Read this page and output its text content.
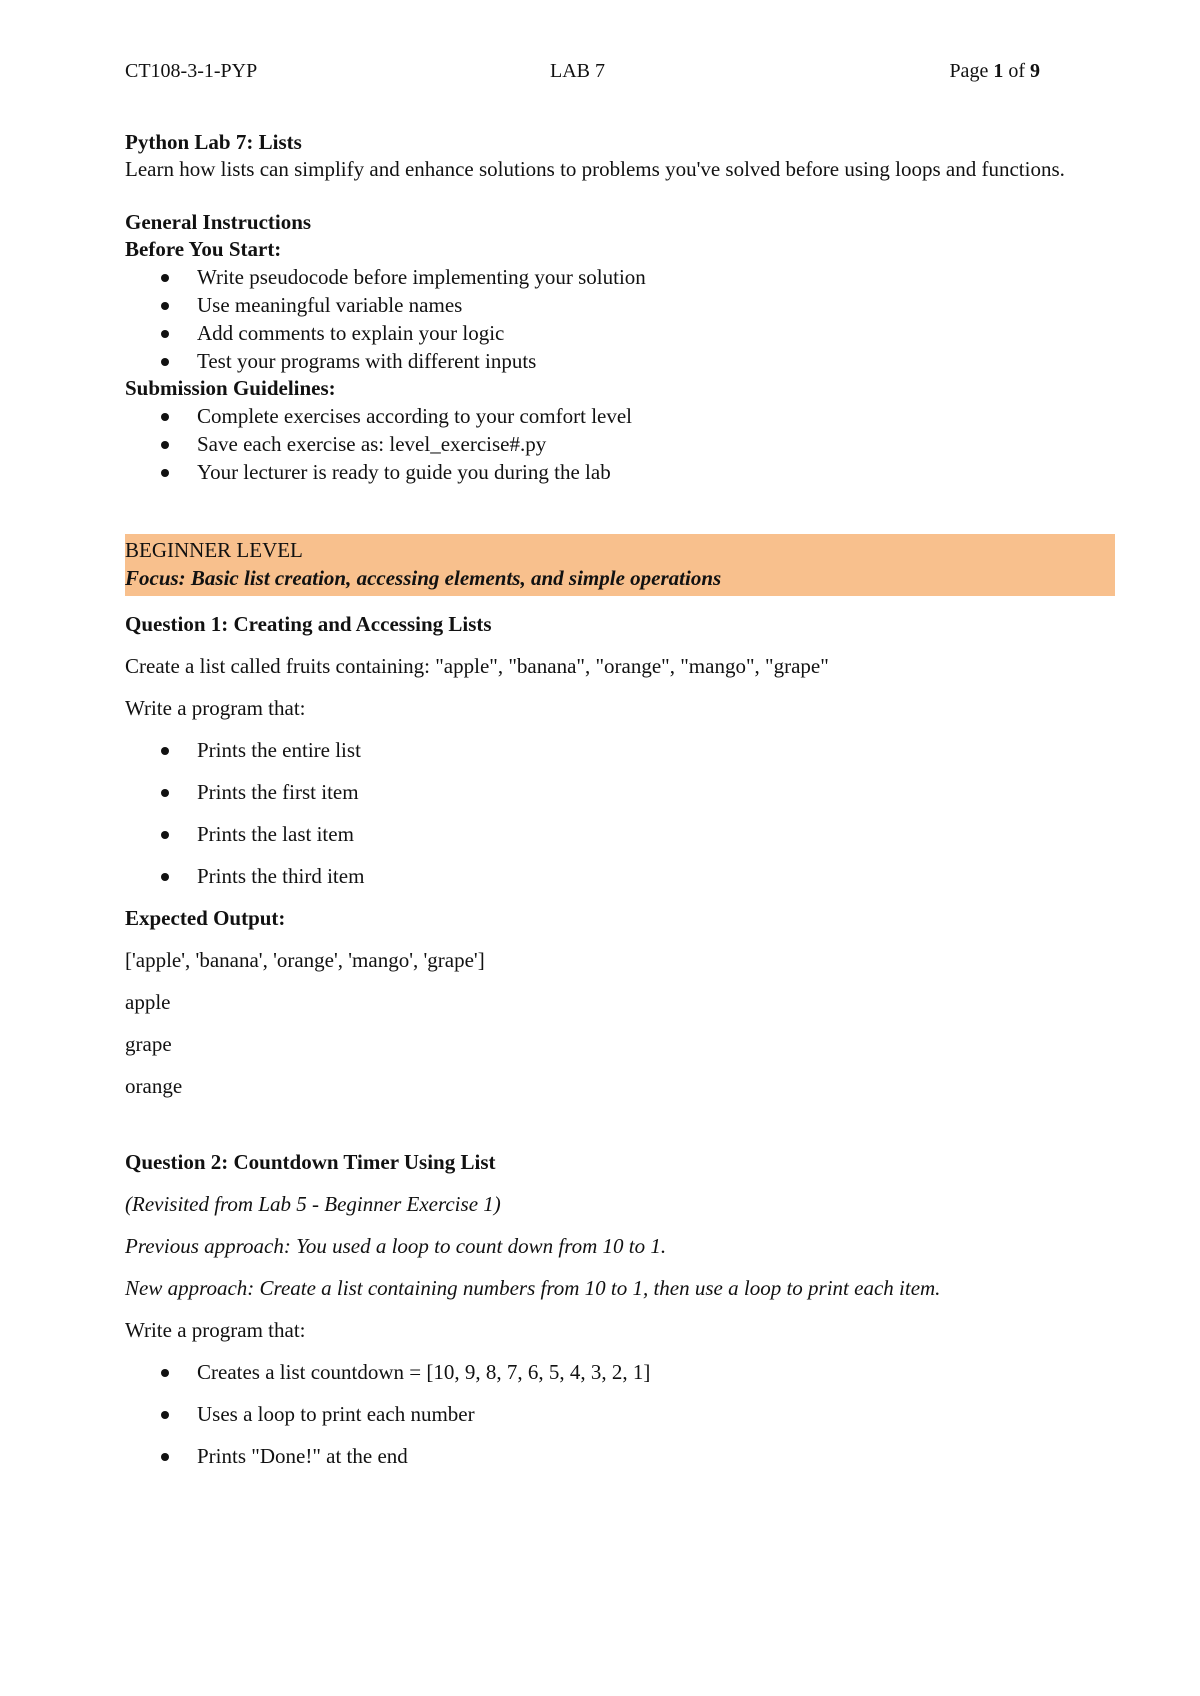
CT108-3-1-PYP	LAB 7	Page 1 of 9

Python Lab 7: Lists

Learn how lists can simplify and enhance solutions to problems you've solved before using loops and functions.

General Instructions

Before You Start:

Write pseudocode before implementing your solution
Use meaningful variable names
Add comments to explain your logic
Test your programs with different inputs

Submission Guidelines:

Complete exercises according to your comfort level
Save each exercise as: level_exercise#.py
Your lecturer is ready to guide you during the lab

BEGINNER LEVEL

Focus: Basic list creation, accessing elements, and simple operations

Question 1: Creating and Accessing Lists

Create a list called fruits containing: "apple", "banana", "orange", "mango", "grape"

Write a program that:

Prints the entire list
Prints the first item
Prints the last item
Prints the third item

Expected Output:

['apple', 'banana', 'orange', 'mango', 'grape']

apple

grape

orange

Question 2: Countdown Timer Using List

(Revisited from Lab 5 - Beginner Exercise 1)

Previous approach: You used a loop to count down from 10 to 1.

New approach: Create a list containing numbers from 10 to 1, then use a loop to print each item.

Write a program that:

Creates a list countdown = [10, 9, 8, 7, 6, 5, 4, 3, 2, 1]
Uses a loop to print each number
Prints "Done!" at the end
